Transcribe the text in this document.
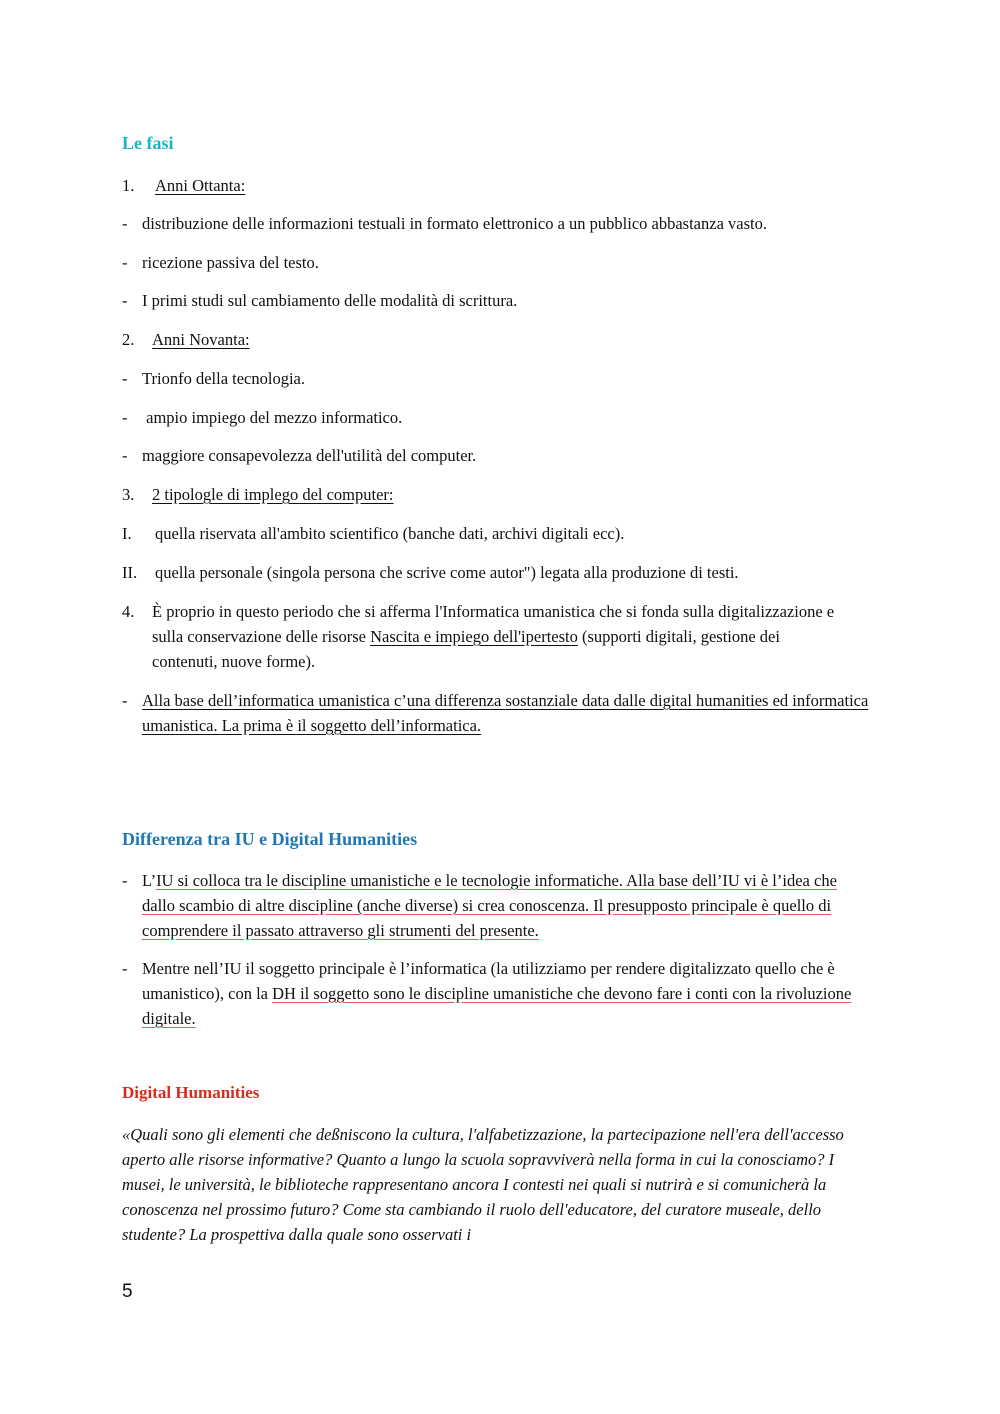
Le fasi
1. Anni Ottanta:
- distribuzione delle informazioni testuali in formato elettronico a un pubblico abbastanza vasto.

- ricezione passiva del testo.

- I primi studi sul cambiamento delle modalità di scrittura.

2. Anni Novanta:
- Trionfo della tecnologia.

- ampio impiego del mezzo informatico.

- maggiore consapevolezza dell'utilità del computer.

3. 2 tipologle di implego del computer:
I. quella riservata all'ambito scientifico (banche dati, archivi digitali ecc).

II. quella personale (singola persona che scrive come autor") legata alla produzione di testi.

4. È proprio in questo periodo che si afferma l'Informatica umanistica che si fonda sulla digitalizzazione e sulla conservazione delle risorse Nascita e impiego dell'ipertesto (supporti digitali, gestione dei contenuti, nuove forme).

- Alla base dell’informatica umanistica c’una differenza sostanziale data dalle digital humanities ed informatica umanistica. La prima è il soggetto dell’informatica.

Differenza tra IU e Digital Humanities
- L’IU si colloca tra le discipline umanistiche e le tecnologie informatiche. Alla base dell’IU vi è l’idea che dallo scambio di altre discipline (anche diverse) si crea conoscenza. Il presupposto principale è quello di comprendere il passato attraverso gli strumenti del presente.

- Mentre nell’IU il soggetto principale è l’informatica (la utilizziamo per rendere digitalizzato quello che è umanistico), con la DH il soggetto sono le discipline umanistiche che devono fare i conti con la rivoluzione digitale.

Digital Humanities

«Quali sono gli elementi che deßniscono la cultura, l'alfabetizzazione, la partecipazione nell'era dell'accesso aperto alle risorse informative? Quanto a lungo la scuola sopravviverà nella forma in cui la conosciamo? I musei, le università, le biblioteche rappresentano ancora I contesti nei quali si nutrirà e si comunicherà la conoscenza nel prossimo futuro? Come sta cambiando il ruolo dell'educatore, del curatore museale, dello studente? La prospettiva dalla quale sono osservati i

5
